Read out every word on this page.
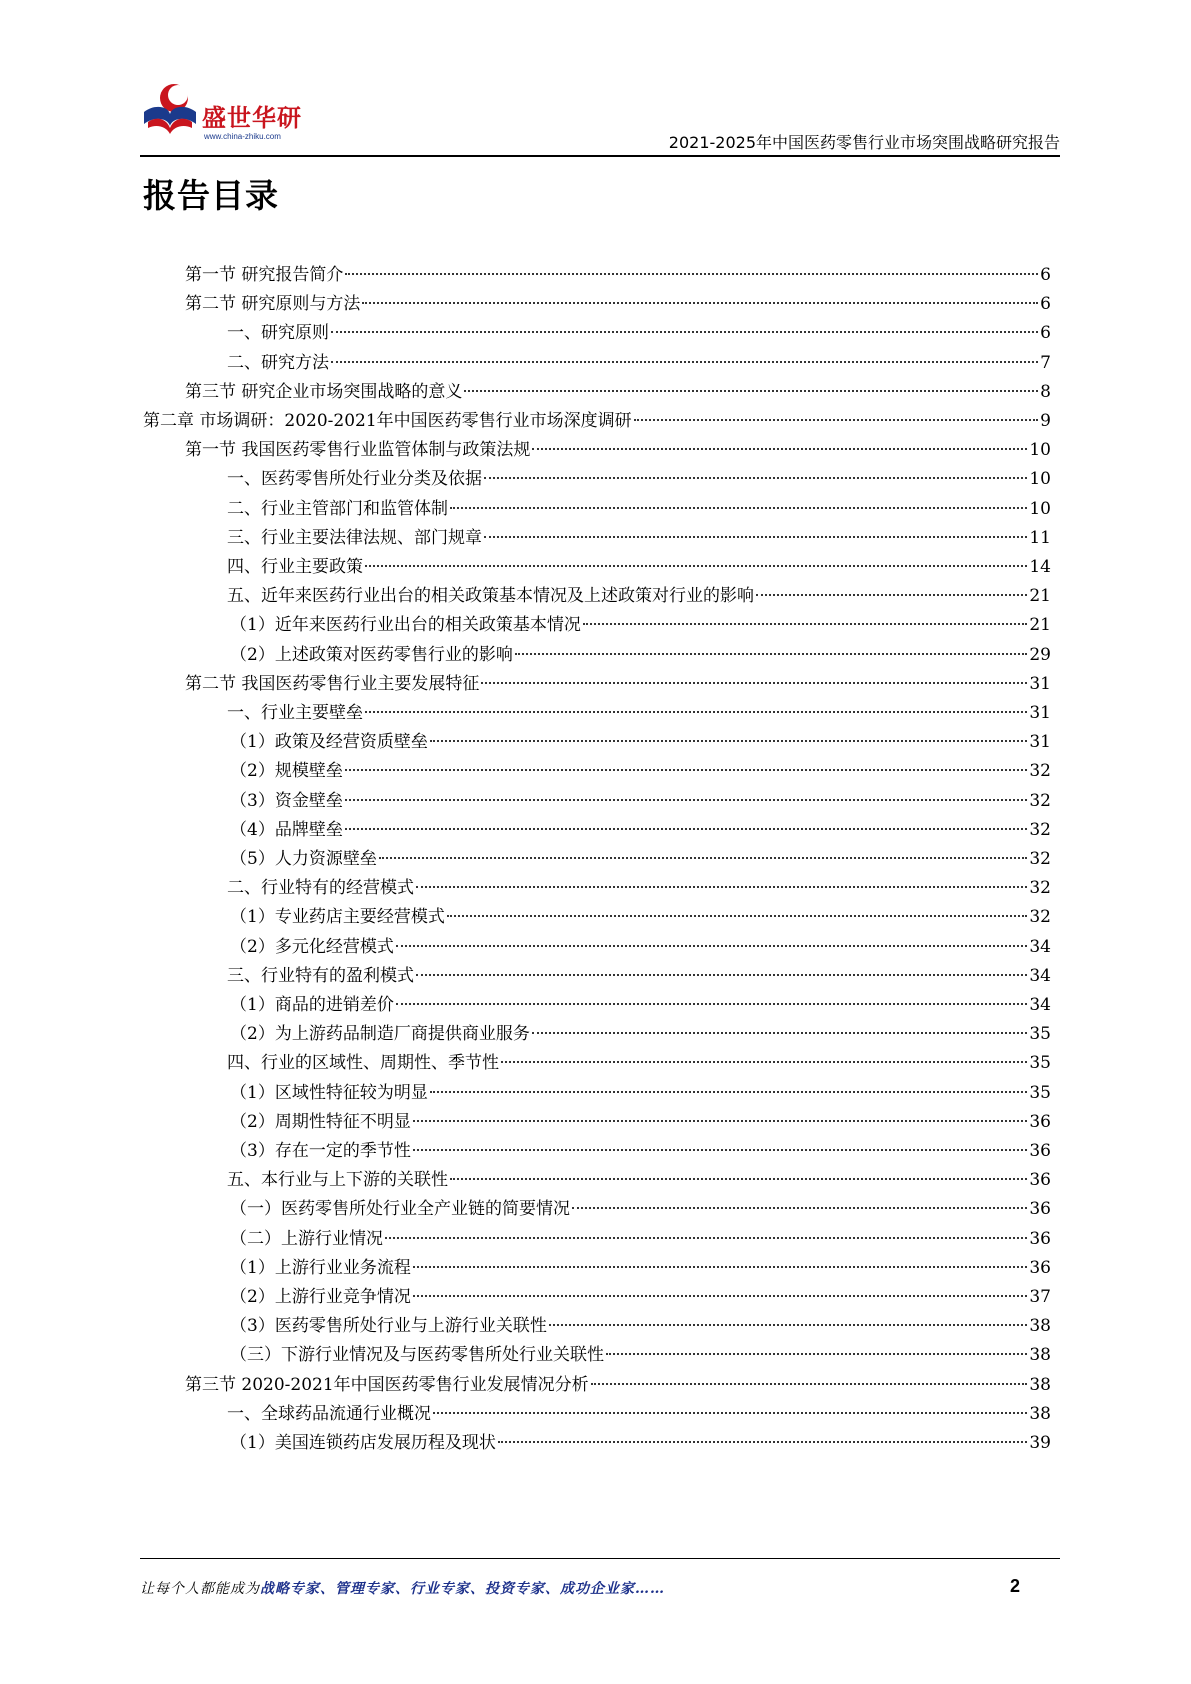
盛世华研
www.china-zhiku.com	2021-2025年中国医药零售行业市场突围战略研究报告
报告目录
第一节 研究报告简介	6
第二节 研究原则与方法	6
一、研究原则	6
二、研究方法	7
第三节 研究企业市场突围战略的意义	8
第二章 市场调研：2020-2021年中国医药零售行业市场深度调研	9
第一节 我国医药零售行业监管体制与政策法规	10
一、医药零售所处行业分类及依据	10
二、行业主管部门和监管体制	10
三、行业主要法律法规、部门规章	11
四、行业主要政策	14
五、近年来医药行业出台的相关政策基本情况及上述政策对行业的影响	21
（1）近年来医药行业出台的相关政策基本情况	21
（2）上述政策对医药零售行业的影响	29
第二节 我国医药零售行业主要发展特征	31
一、行业主要壁垒	31
（1）政策及经营资质壁垒	31
（2）规模壁垒	32
（3）资金壁垒	32
（4）品牌壁垒	32
（5）人力资源壁垒	32
二、行业特有的经营模式	32
（1）专业药店主要经营模式	32
（2）多元化经营模式	34
三、行业特有的盈利模式	34
（1）商品的进销差价	34
（2）为上游药品制造厂商提供商业服务	35
四、行业的区域性、周期性、季节性	35
（1）区域性特征较为明显	35
（2）周期性特征不明显	36
（3）存在一定的季节性	36
五、本行业与上下游的关联性	36
（一）医药零售所处行业全产业链的简要情况	36
（二）上游行业情况	36
（1）上游行业业务流程	36
（2）上游行业竞争情况	37
（3）医药零售所处行业与上游行业关联性	38
（三）下游行业情况及与医药零售所处行业关联性	38
第三节 2020-2021年中国医药零售行业发展情况分析	38
一、全球药品流通行业概况	38
（1）美国连锁药店发展历程及现状	39
让每个人都能成为战略专家、管理专家、行业专家、投资专家、成功企业家……	2
